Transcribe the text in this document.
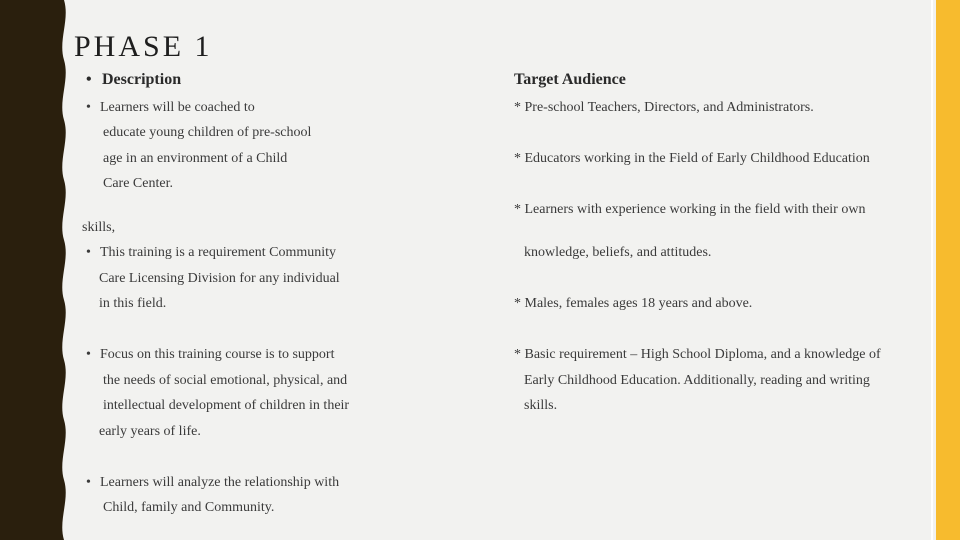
PHASE 1
• Description
• Learners will be coached to
educate young children of pre-school
age in an environment of a Child
Care Center.
skills,
• This training is a requirement Community
Care Licensing Division for any individual
in this field.
• Focus on this training course is to support
the needs of social emotional, physical, and
intellectual development of children in their
early years of life.
• Learners will analyze the relationship with
Child, family and Community.
Target Audience
* Pre-school Teachers, Directors, and Administrators.
* Educators working in the Field of Early Childhood Education
* Learners with experience working in the field with their own
knowledge, beliefs, and attitudes.
* Males, females ages 18 years and above.
* Basic requirement – High School Diploma, and a knowledge of
Early Childhood Education. Additionally, reading and writing
skills.
